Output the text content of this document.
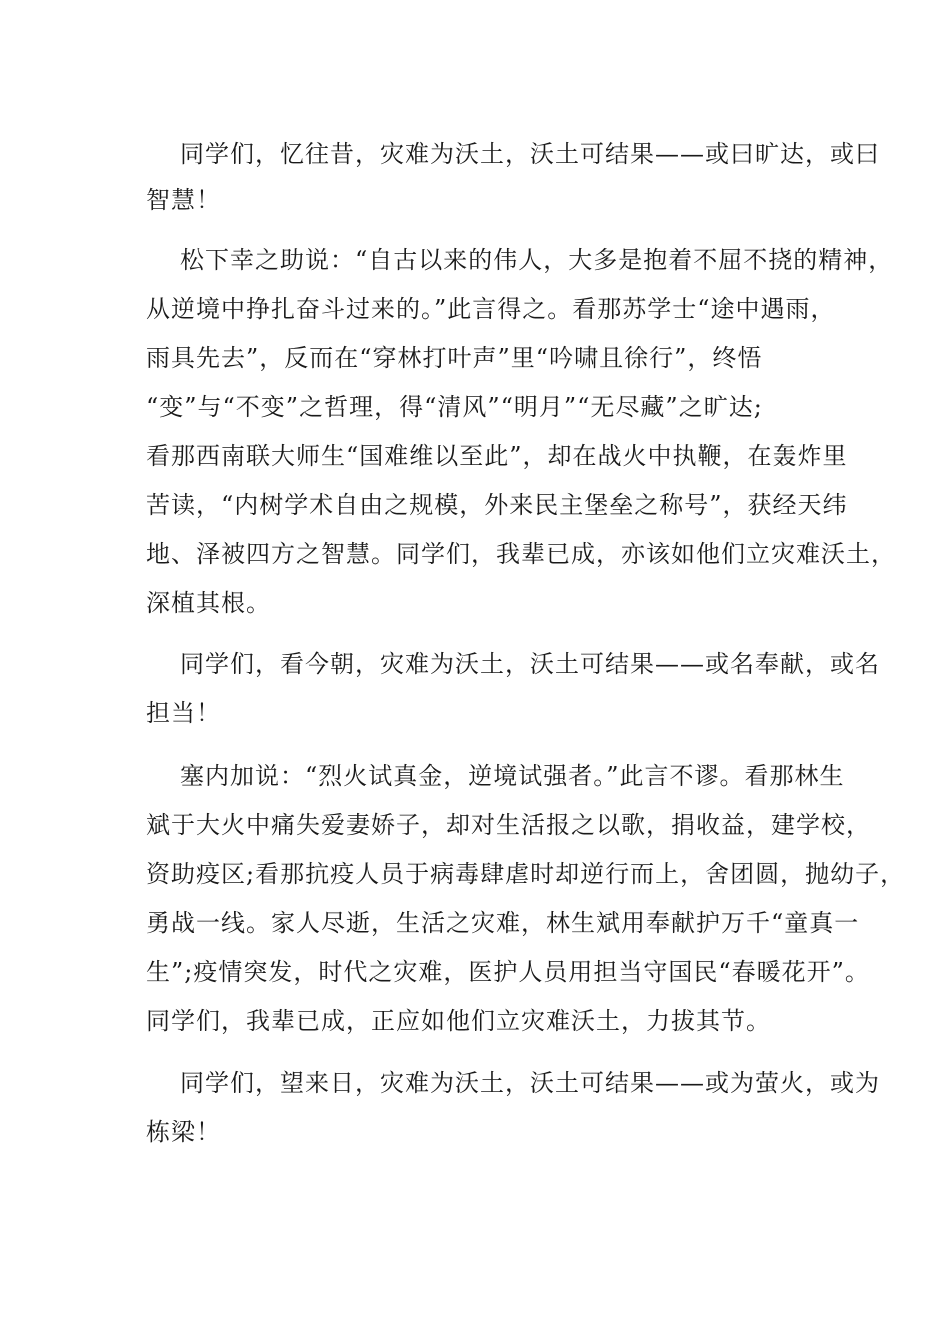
同学们，忆往昔，灾难为沃土，沃土可结果——或曰旷达，或曰
智慧！
松下幸之助说：“自古以来的伟人，大多是抱着不屈不挠的精神，
从逆境中挣扎奋斗过来的。”此言得之。看那苏学士“途中遇雨，
雨具先去”，反而在“穿林打叶声”里“吟啸且徐行”，终悟
“变”与“不变”之哲理，得“清风”“明月”“无尽藏”之旷达;
看那西南联大师生“国难维以至此”，却在战火中执鞭，在轰炸里
苦读，“内树学术自由之规模，外来民主堡垒之称号”，获经天纬
地、泽被四方之智慧。同学们，我辈已成，亦该如他们立灾难沃土，
深植其根。
同学们，看今朝，灾难为沃土，沃土可结果——或名奉献，或名
担当！
塞内加说：“烈火试真金，逆境试强者。”此言不谬。看那林生
斌于大火中痛失爱妻娇子，却对生活报之以歌，捐收益，建学校，
资助疫区;看那抗疫人员于病毒肆虐时却逆行而上，舍团圆，抛幼子，
勇战一线。家人尽逝，生活之灾难，林生斌用奉献护万千“童真一
生”;疫情突发，时代之灾难，医护人员用担当守国民“春暖花开”。
同学们，我辈已成，正应如他们立灾难沃土，力拔其节。
同学们，望来日，灾难为沃土，沃土可结果——或为萤火，或为
栋梁！
